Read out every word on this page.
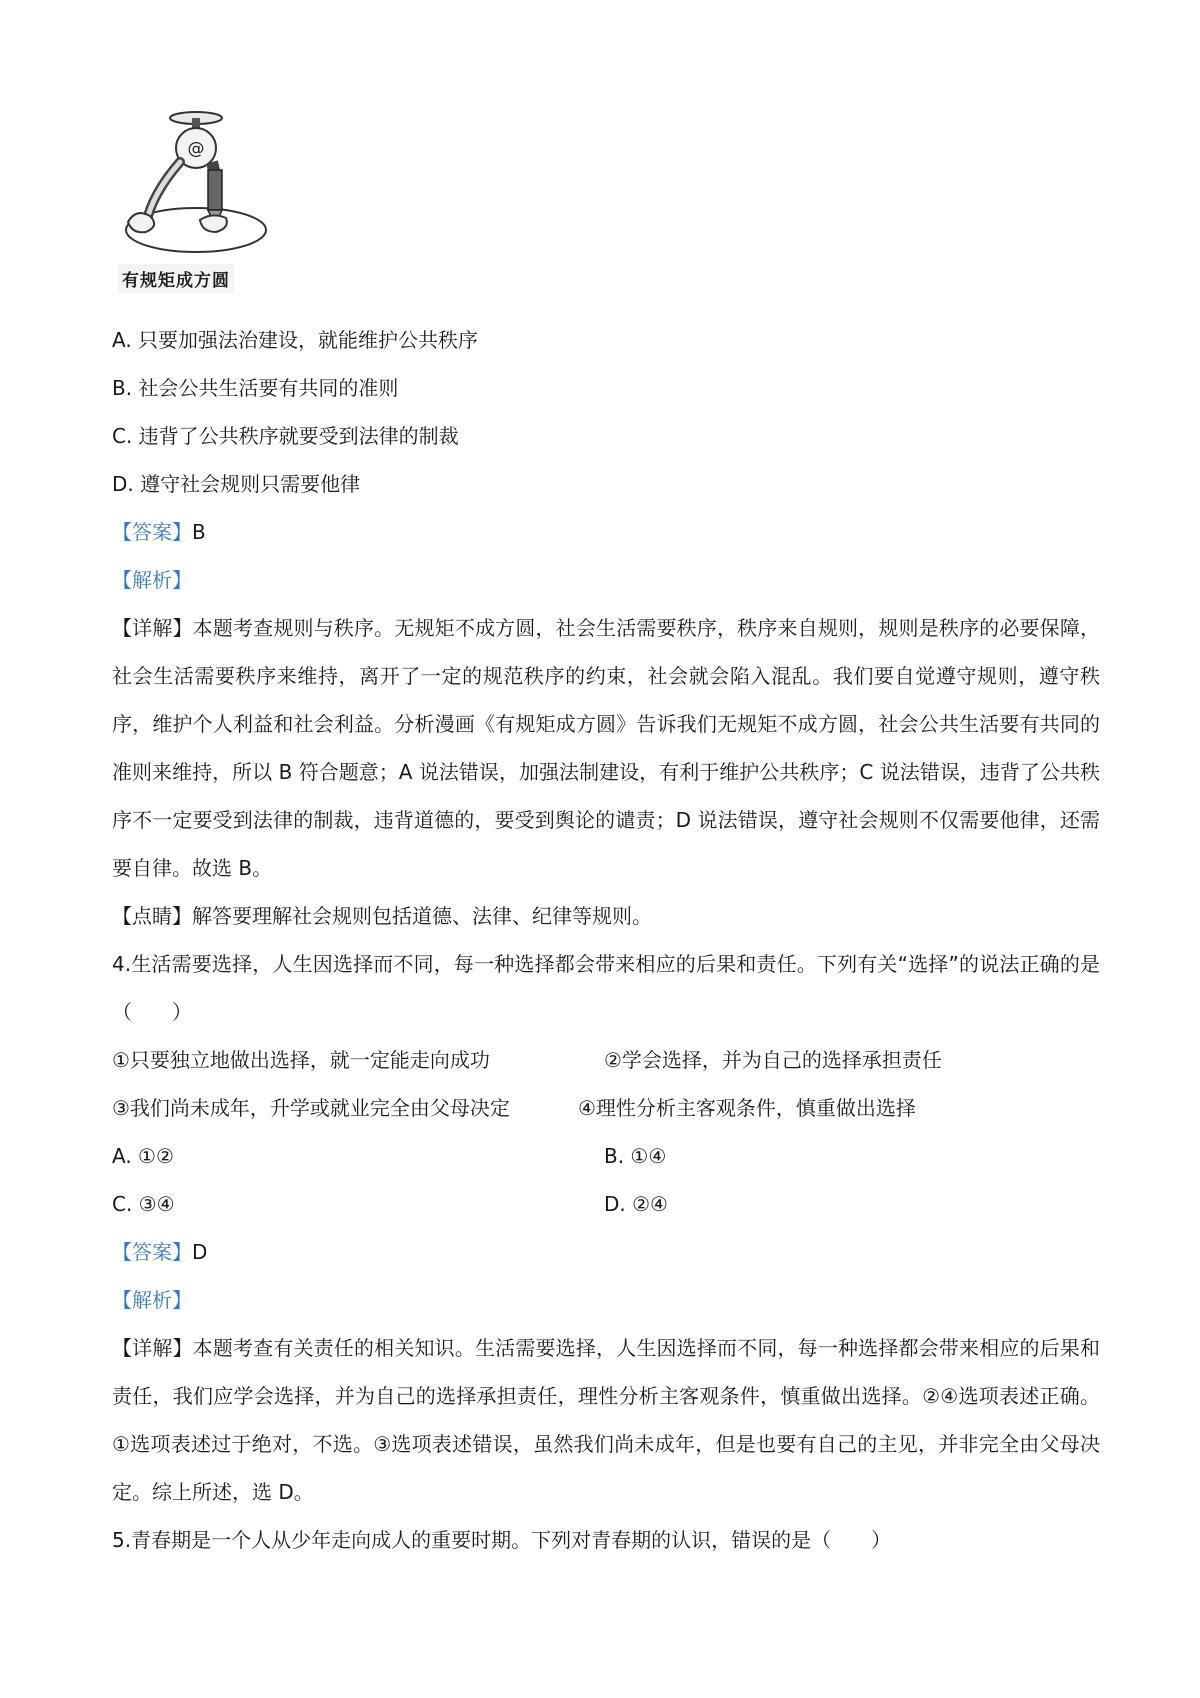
@
有规矩成方圆
A. 只要加强法治建设，就能维护公共秩序
B. 社会公共生活要有共同的准则
C. 违背了公共秩序就要受到法律的制裁
D. 遵守社会规则只需要他律
【答案】B
【解析】
【详解】本题考查规则与秩序。无规矩不成方圆，社会生活需要秩序，秩序来自规则，规则是秩序的必要保障，社会生活需要秩序来维持，离开了一定的规范秩序的约束，社会就会陷入混乱。我们要自觉遵守规则，遵守秩序，维护个人利益和社会利益。分析漫画《有规矩成方圆》告诉我们无规矩不成方圆，社会公共生活要有共同的准则来维持，所以 B 符合题意；A 说法错误，加强法制建设，有利于维护公共秩序；C 说法错误，违背了公共秩序不一定要受到法律的制裁，违背道德的，要受到舆论的谴责；D 说法错误，遵守社会规则不仅需要他律，还需要自律。故选 B。
【点睛】解答要理解社会规则包括道德、法律、纪律等规则。
4.生活需要选择，人生因选择而不同，每一种选择都会带来相应的后果和责任。下列有关“选择”的说法正确的是（　　）
①只要独立地做出选择，就一定能走向成功	②学会选择，并为自己的选择承担责任
③我们尚未成年，升学或就业完全由父母决定	④理性分析主客观条件，慎重做出选择
A. ①②	B. ①④
C. ③④	D. ②④
【答案】D
【解析】
【详解】本题考查有关责任的相关知识。生活需要选择，人生因选择而不同，每一种选择都会带来相应的后果和责任，我们应学会选择，并为自己的选择承担责任，理性分析主客观条件，慎重做出选择。②④选项表述正确。①选项表述过于绝对，不选。③选项表述错误，虽然我们尚未成年，但是也要有自己的主见，并非完全由父母决定。综上所述，选 D。
5.青春期是一个人从少年走向成人的重要时期。下列对青春期的认识，错误的是（　　）
